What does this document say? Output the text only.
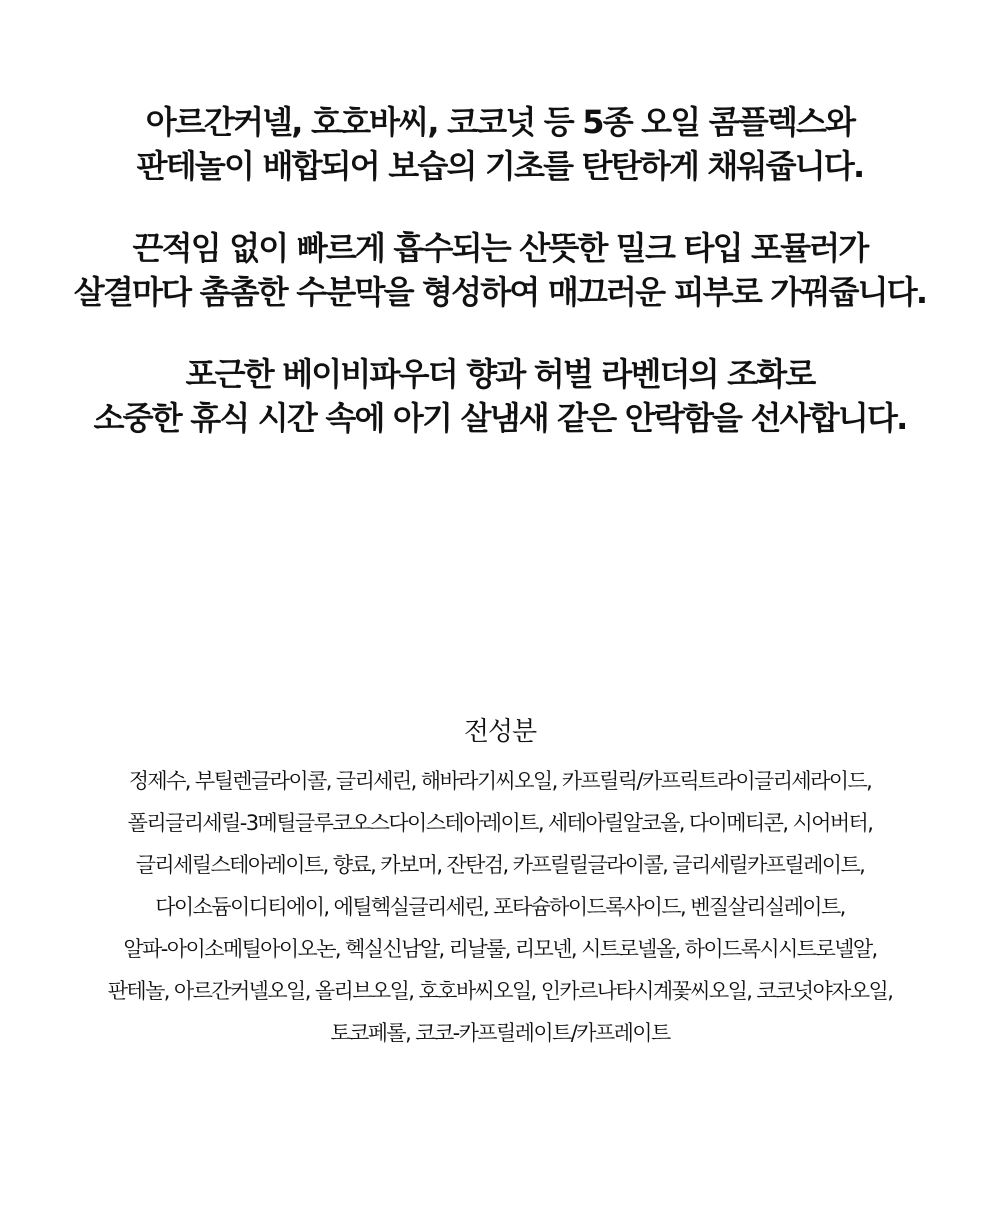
아르간커넬, 호호바씨, 코코넛 등 5종 오일 콤플렉스와
판테놀이 배합되어 보습의 기초를 탄탄하게 채워줍니다.

끈적임 없이 빠르게 흡수되는 산뜻한 밀크 타입 포뮬러가
살결마다 촘촘한 수분막을 형성하여 매끄러운 피부로 가꿔줍니다.

포근한 베이비파우더 향과 허벌 라벤더의 조화로
소중한 휴식 시간 속에 아기 살냄새 같은 안락함을 선사합니다.

전성분
정제수, 부틸렌글라이콜, 글리세린, 해바라기씨오일, 카프릴릭/카프릭트라이글리세라이드,
폴리글리세릴-3메틸글루코오스다이스테아레이트, 세테아릴알코올, 다이메티콘, 시어버터,
글리세릴스테아레이트, 향료, 카보머, 잔탄검, 카프릴릴글라이콜, 글리세릴카프릴레이트,
다이소듐이디티에이, 에틸헥실글리세린, 포타슘하이드록사이드, 벤질살리실레이트,
알파-아이소메틸아이오논, 헥실신남알, 리날룰, 리모넨, 시트로넬올, 하이드록시시트로넬알,
판테놀, 아르간커넬오일, 올리브오일, 호호바씨오일, 인카르나타시계꽃씨오일, 코코넛야자오일,
토코페롤, 코코-카프릴레이트/카프레이트
